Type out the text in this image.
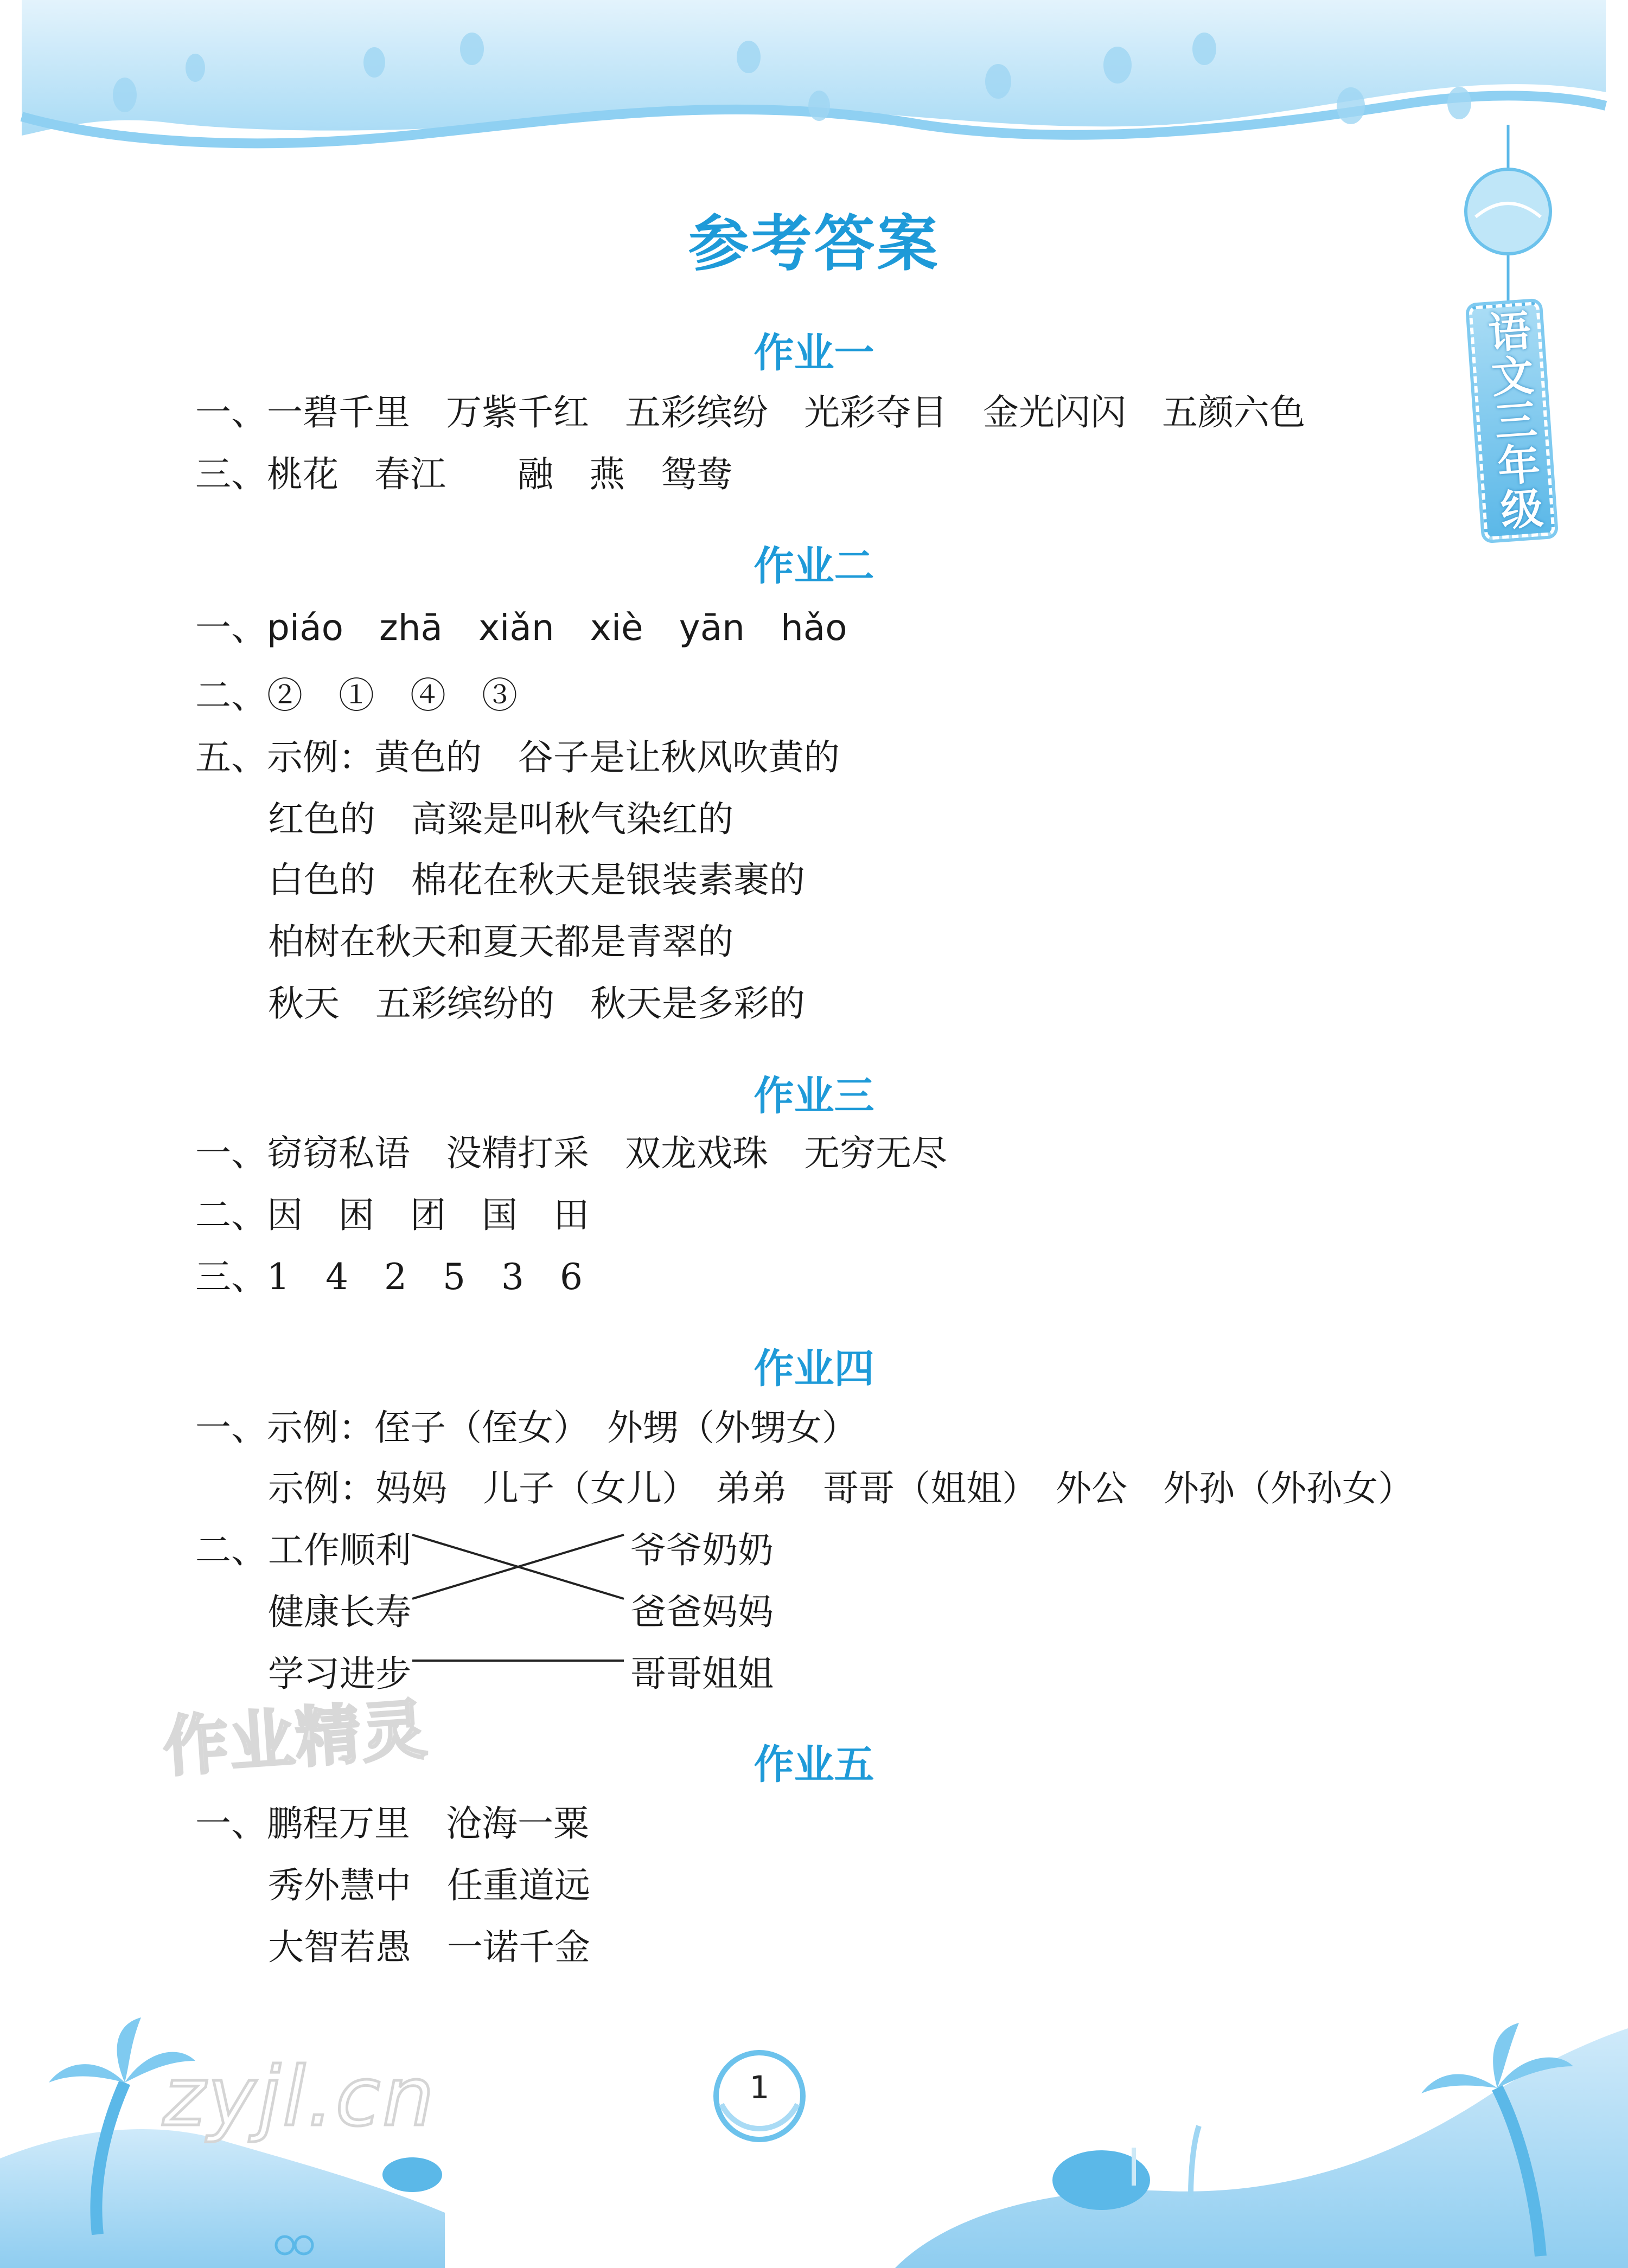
语文三年级
参考答案
作业一
一、一碧千里　万紫千红　五彩缤纷　光彩夺目　金光闪闪　五颜六色
三、桃花　春江　　融　燕　鸳鸯
作业二
一、piáo　zhā　xiǎn　xiè　yān　hǎo
二、②　①　④　③
五、示例：黄色的　谷子是让秋风吹黄的
红色的　高粱是叫秋气染红的
白色的　棉花在秋天是银装素裹的
柏树在秋天和夏天都是青翠的
秋天　五彩缤纷的　秋天是多彩的
作业三
一、窃窃私语　没精打采　双龙戏珠　无穷无尽
二、因　困　团　国　田
三、1　4　2　5　3　6
作业四
一、示例：侄子（侄女）　外甥（外甥女）
示例：妈妈　儿子（女儿）　弟弟　哥哥（姐姐）　外公　外孙（外孙女）
二、 工作顺利
健康长寿
学习进步
爷爷奶奶
爸爸妈妈
哥哥姐姐
作业精灵	作业五
一、鹏程万里　沧海一粟
秀外慧中　任重道远
大智若愚　一诺千金
1
zyjl.cn
